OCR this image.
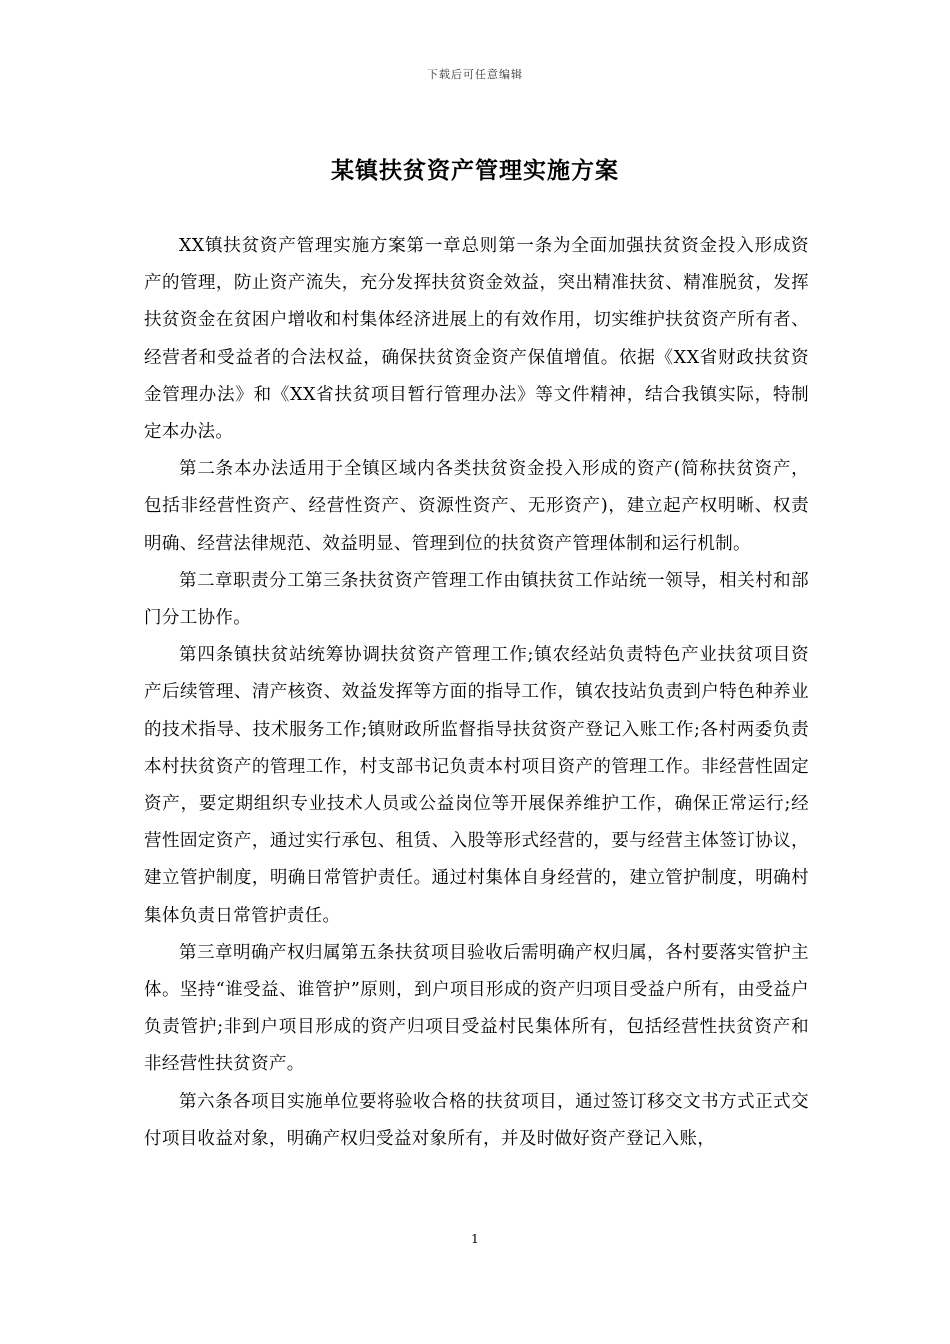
下载后可任意编辑
某镇扶贫资产管理实施方案

XX镇扶贫资产管理实施方案第一章总则第一条为全面加强扶贫资金投入形成资产的管理，防止资产流失，充分发挥扶贫资金效益，突出精准扶贫、精准脱贫，发挥扶贫资金在贫困户增收和村集体经济进展上的有效作用，切实维护扶贫资产所有者、经营者和受益者的合法权益，确保扶贫资金资产保值增值。依据《XX省财政扶贫资金管理办法》和《XX省扶贫项目暂行管理办法》等文件精神，结合我镇实际，特制定本办法。

第二条本办法适用于全镇区域内各类扶贫资金投入形成的资产(简称扶贫资产，包括非经营性资产、经营性资产、资源性资产、无形资产)，建立起产权明晰、权责明确、经营法律规范、效益明显、管理到位的扶贫资产管理体制和运行机制。

第二章职责分工第三条扶贫资产管理工作由镇扶贫工作站统一领导，相关村和部门分工协作。

第四条镇扶贫站统筹协调扶贫资产管理工作;镇农经站负责特色产业扶贫项目资产后续管理、清产核资、效益发挥等方面的指导工作，镇农技站负责到户特色种养业的技术指导、技术服务工作;镇财政所监督指导扶贫资产登记入账工作;各村两委负责本村扶贫资产的管理工作，村支部书记负责本村项目资产的管理工作。非经营性固定资产，要定期组织专业技术人员或公益岗位等开展保养维护工作，确保正常运行;经营性固定资产，通过实行承包、租赁、入股等形式经营的，要与经营主体签订协议，建立管护制度，明确日常管护责任。通过村集体自身经营的，建立管护制度，明确村集体负责日常管护责任。

第三章明确产权归属第五条扶贫项目验收后需明确产权归属，各村要落实管护主体。坚持“谁受益、谁管护”原则，到户项目形成的资产归项目受益户所有，由受益户负责管护;非到户项目形成的资产归项目受益村民集体所有，包括经营性扶贫资产和非经营性扶贫资产。

第六条各项目实施单位要将验收合格的扶贫项目，通过签订移交文书方式正式交付项目收益对象，明确产权归受益对象所有，并及时做好资产登记入账，

1
